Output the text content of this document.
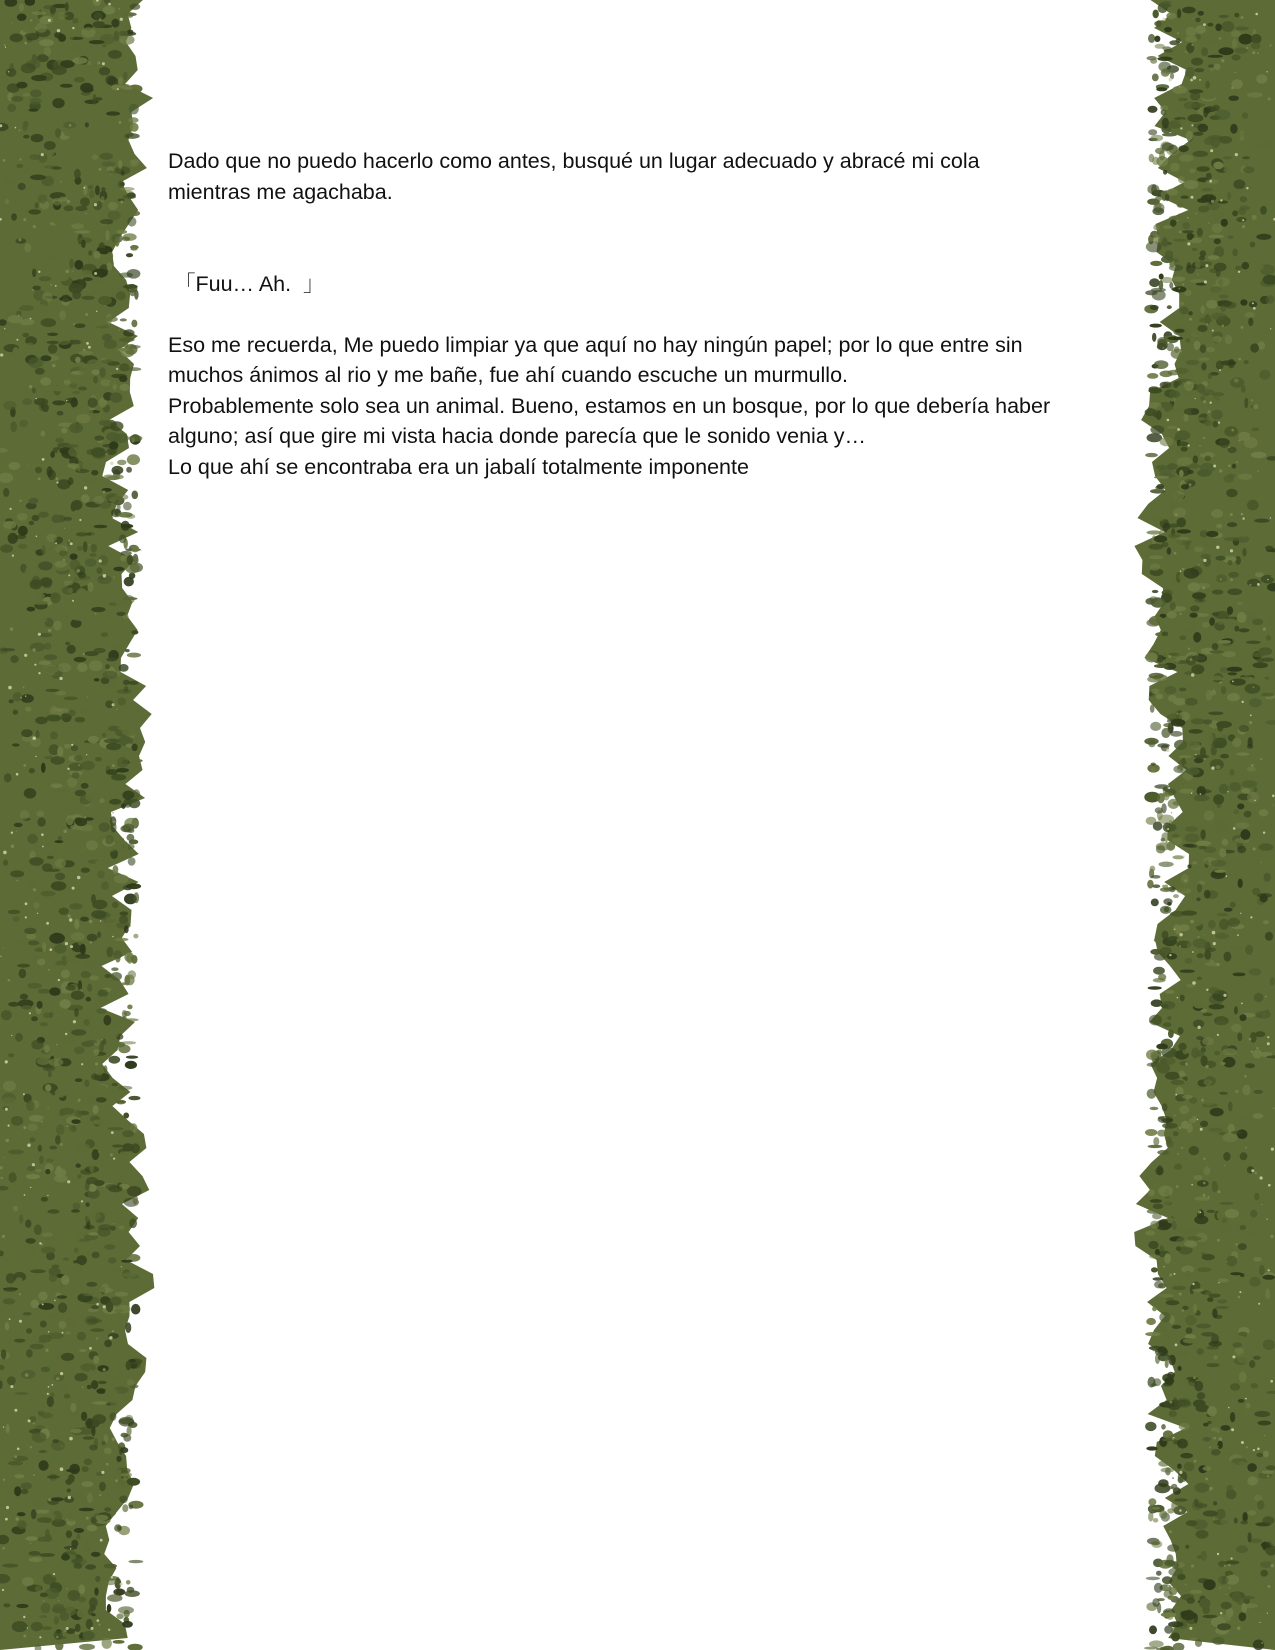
Dado que no puedo hacerlo como antes, busqué un lugar adecuado y abracé mi cola

mientras me agachaba.

「Fuu… Ah.  」

Eso me recuerda, Me puedo limpiar ya que aquí no hay ningún papel; por lo que entre sin

muchos ánimos al rio y me bañe, fue ahí cuando escuche un murmullo.

Probablemente solo sea un animal. Bueno, estamos en un bosque, por lo que debería haber

alguno; así que gire mi vista hacia donde parecía que le sonido venia y…

Lo que ahí se encontraba era un jabalí totalmente imponente
